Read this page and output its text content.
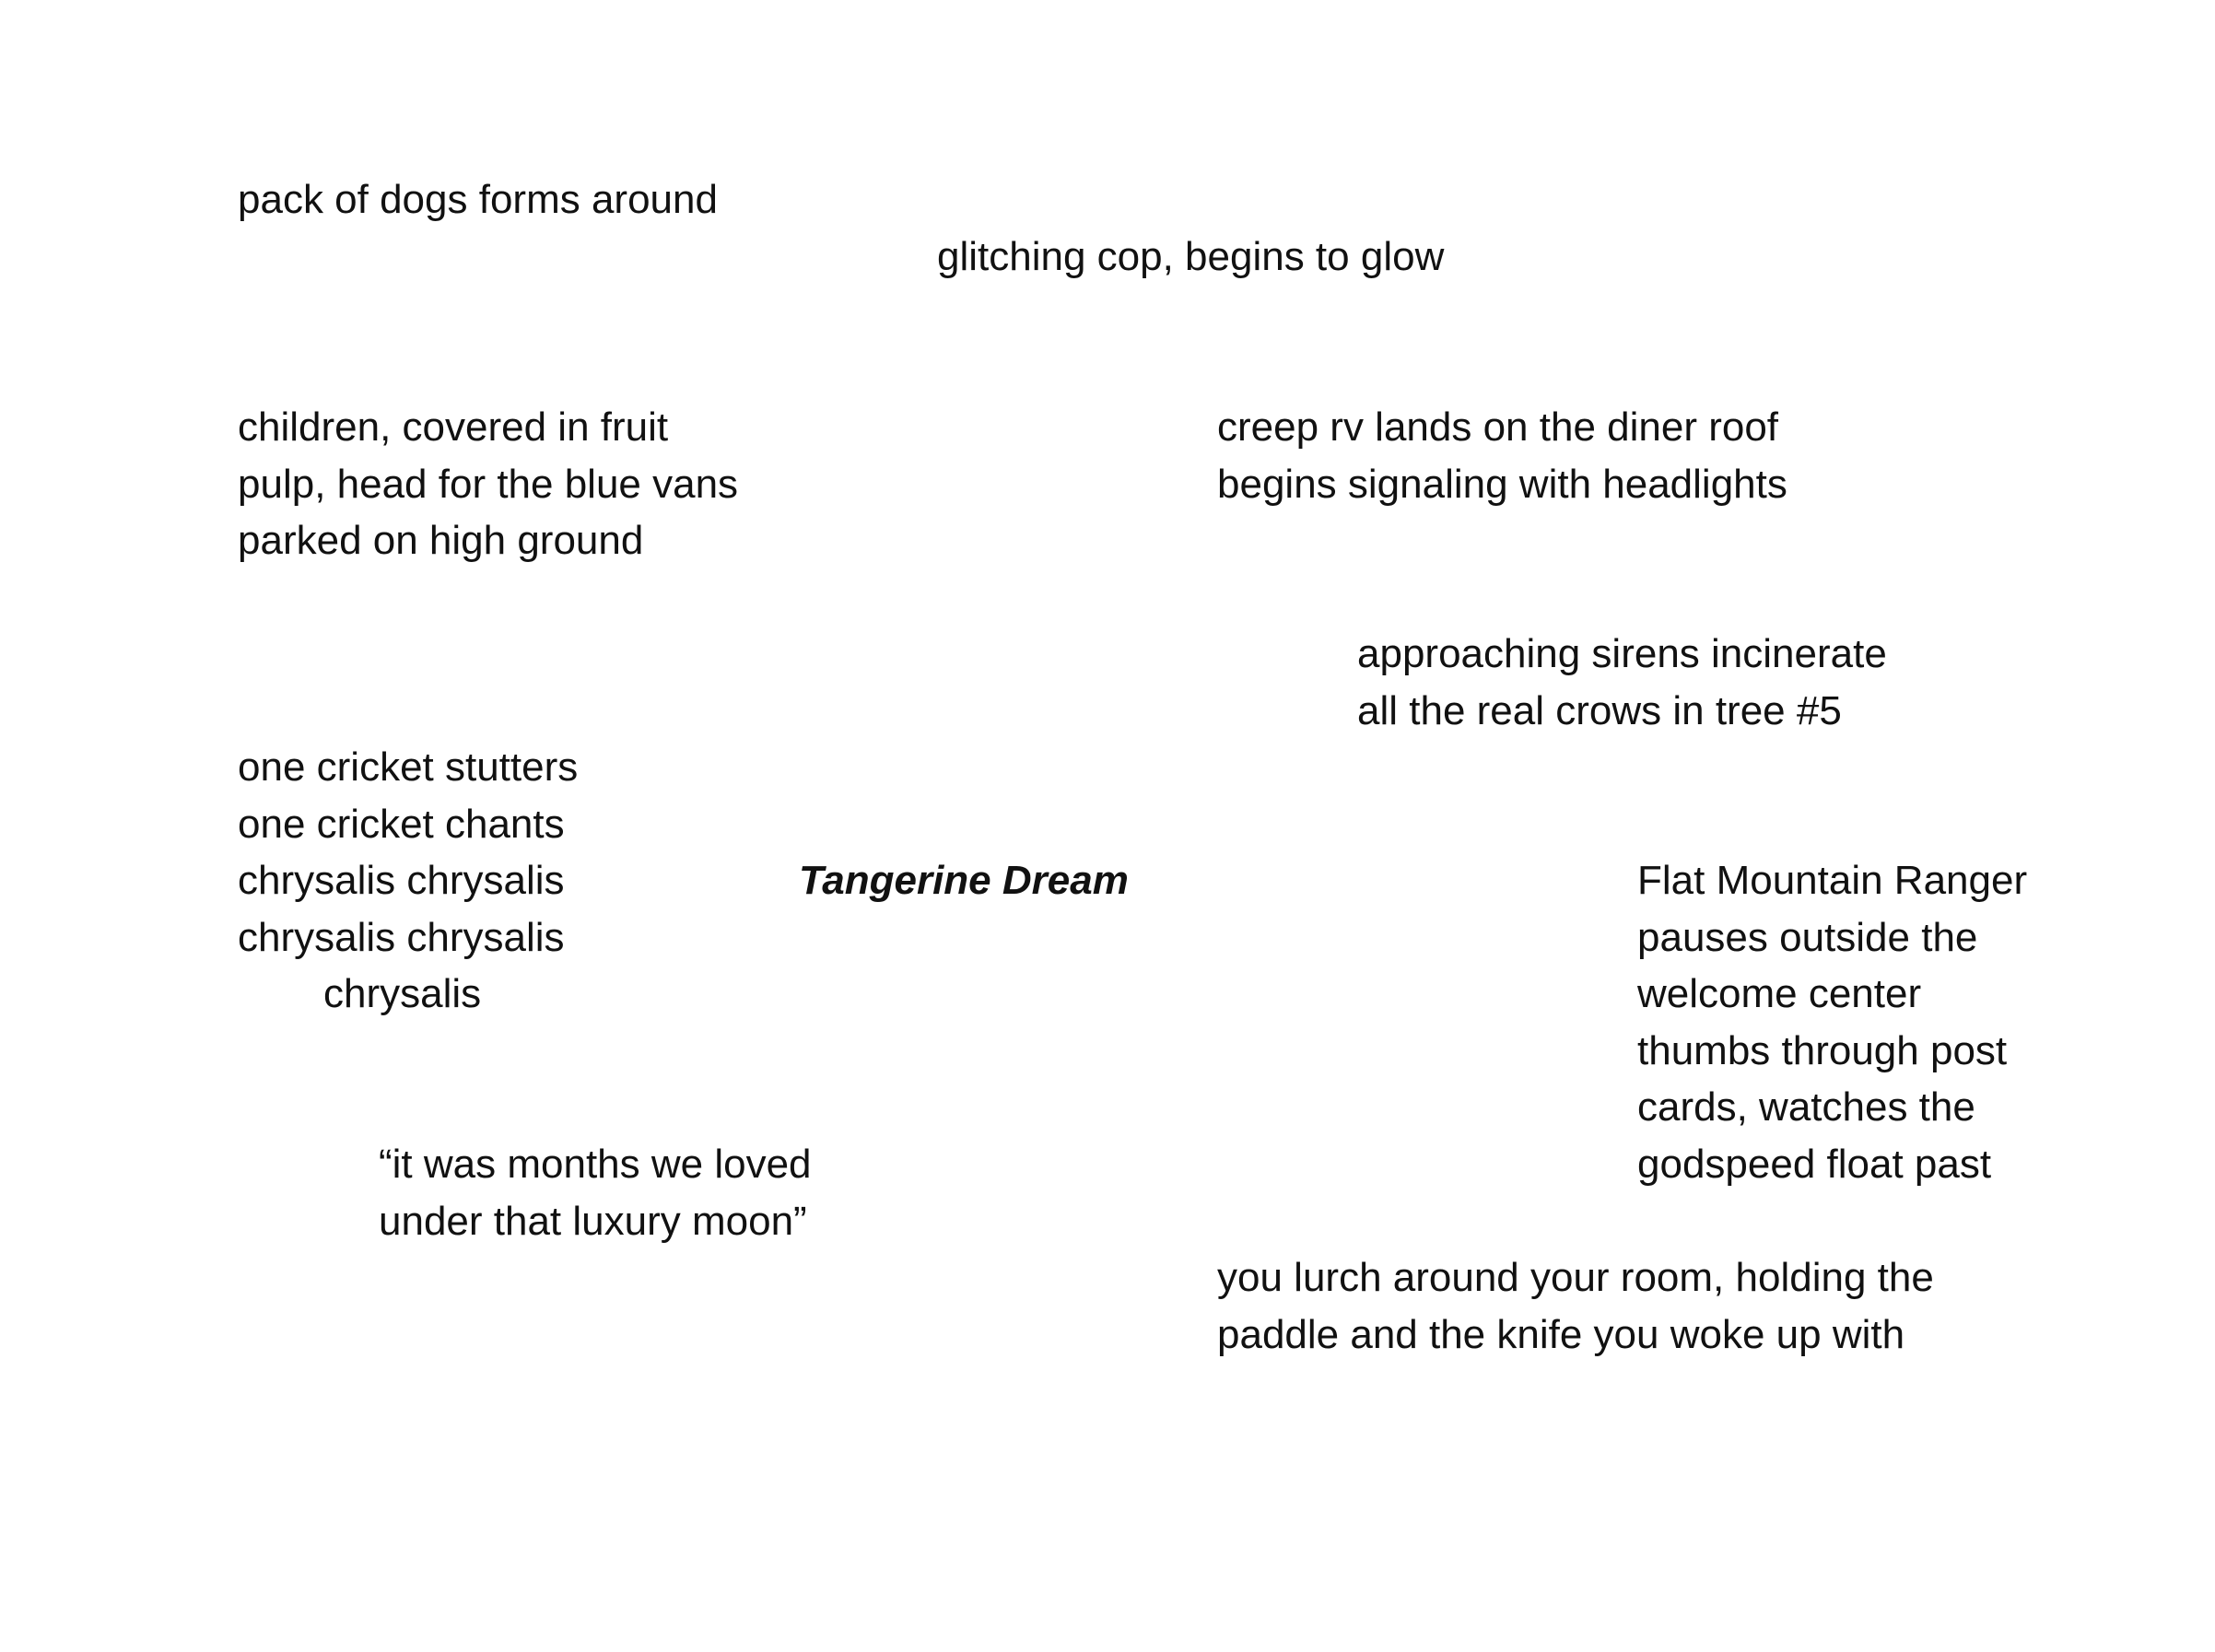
pack of dogs forms around
glitching cop, begins to glow
children, covered in fruit
pulp, head for the blue vans
parked on high ground
creep rv lands on the diner roof
begins signaling with headlights
approaching sirens incinerate
all the real crows in tree #5
one cricket stutters
one cricket chants
chrysalis chrysalis
chrysalis chrysalis
chrysalis
Tangerine Dream	Flat Mountain Ranger
pauses outside the
welcome center
thumbs through post
cards, watches the
godspeed float past
“it was months we loved
under that luxury moon”
you lurch around your room, holding the
paddle and the knife you woke up with
